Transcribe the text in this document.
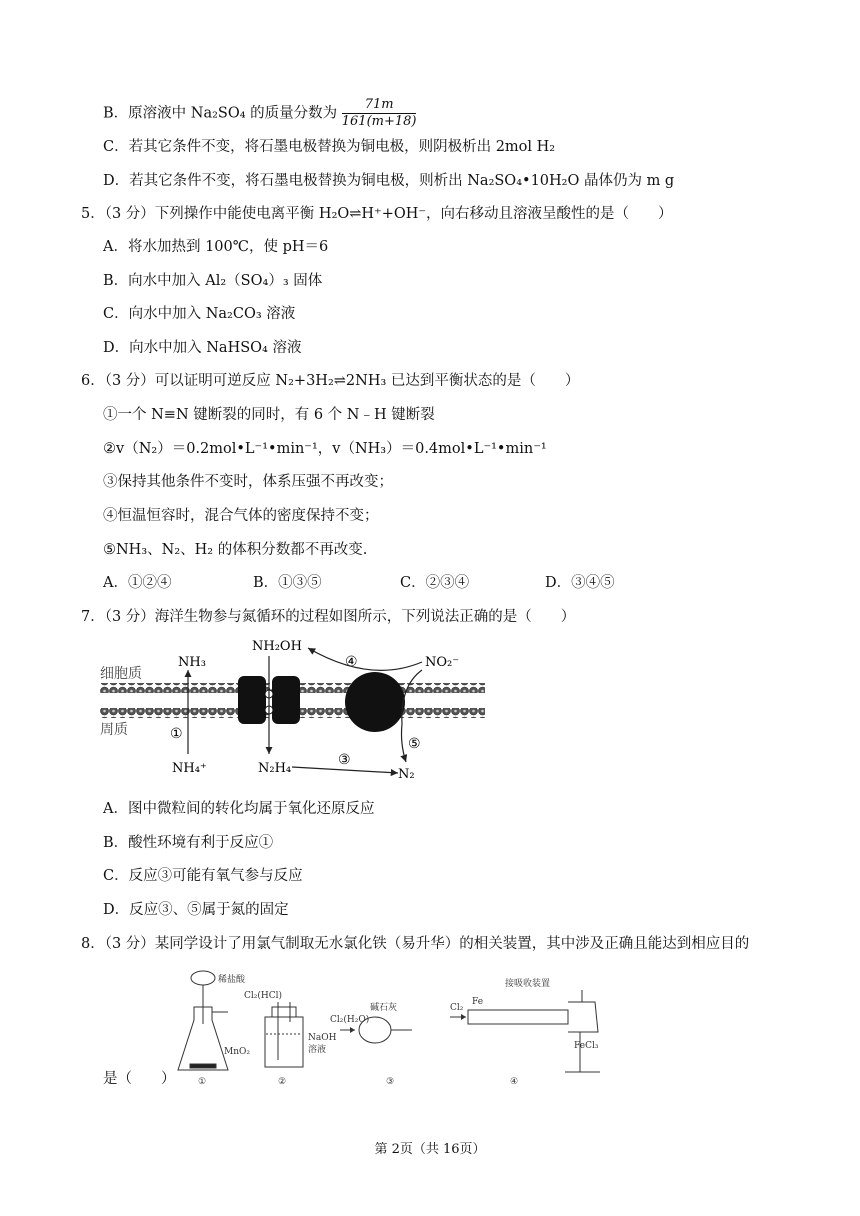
B．原溶液中 Na₂SO₄ 的质量分数为 $\frac{71m}{161(m+18)}$
C．若其它条件不变，将石墨电极替换为铜电极，则阴极析出 2mol H₂
D．若其它条件不变，将石墨电极替换为铜电极，则析出 Na₂SO₄•10H₂O 晶体仍为 m g
5．（3 分）下列操作中能使电离平衡 H₂O⇌H⁺+OH⁻，向右移动且溶液呈酸性的是（　　）
A．将水加热到 100℃，使 pH＝6
B．向水中加入 Al₂（SO₄）₃ 固体
C．向水中加入 Na₂CO₃ 溶液
D．向水中加入 NaHSO₄ 溶液
6．（3 分）可以证明可逆反应 N₂+3H₂⇌2NH₃ 已达到平衡状态的是（　　）
①一个 N≡N 键断裂的同时，有 6 个 N﹣H 键断裂
②v（N₂）＝0.2mol•L⁻¹•min⁻¹，v（NH₃）＝0.4mol•L⁻¹•min⁻¹
③保持其他条件不变时，体系压强不再改变；
④恒温恒容时，混合气体的密度保持不变；
⑤NH₃、N₂、H₂ 的体积分数都不再改变.
A．①②④	B．①③⑤	C．②③④	D．③④⑤
7．（3 分）海洋生物参与氮循环的过程如图所示，下列说法正确的是（　　）
细胞质
周质
NH₃
NH₄⁺
NH₂OH
N₂H₄
NO₂⁻
N₂
①
③
④
⑤
A．图中微粒间的转化均属于氧化还原反应
B．酸性环境有利于反应①
C．反应③可能有氧气参与反应
D．反应③、⑤属于氮的固定
8．（3 分）某同学设计了用氯气制取无水氯化铁（易升华）的相关装置，其中涉及正确且能达到相应目的
稀盐酸
MnO₂
Cl₂(HCl)
NaOH
溶液
Cl₂(H₂O)
碱石灰	Cl₂
Fe
接吸收装置
FeCl₃
①	②	③	④
是（　　）
第 2页（共 16页）
